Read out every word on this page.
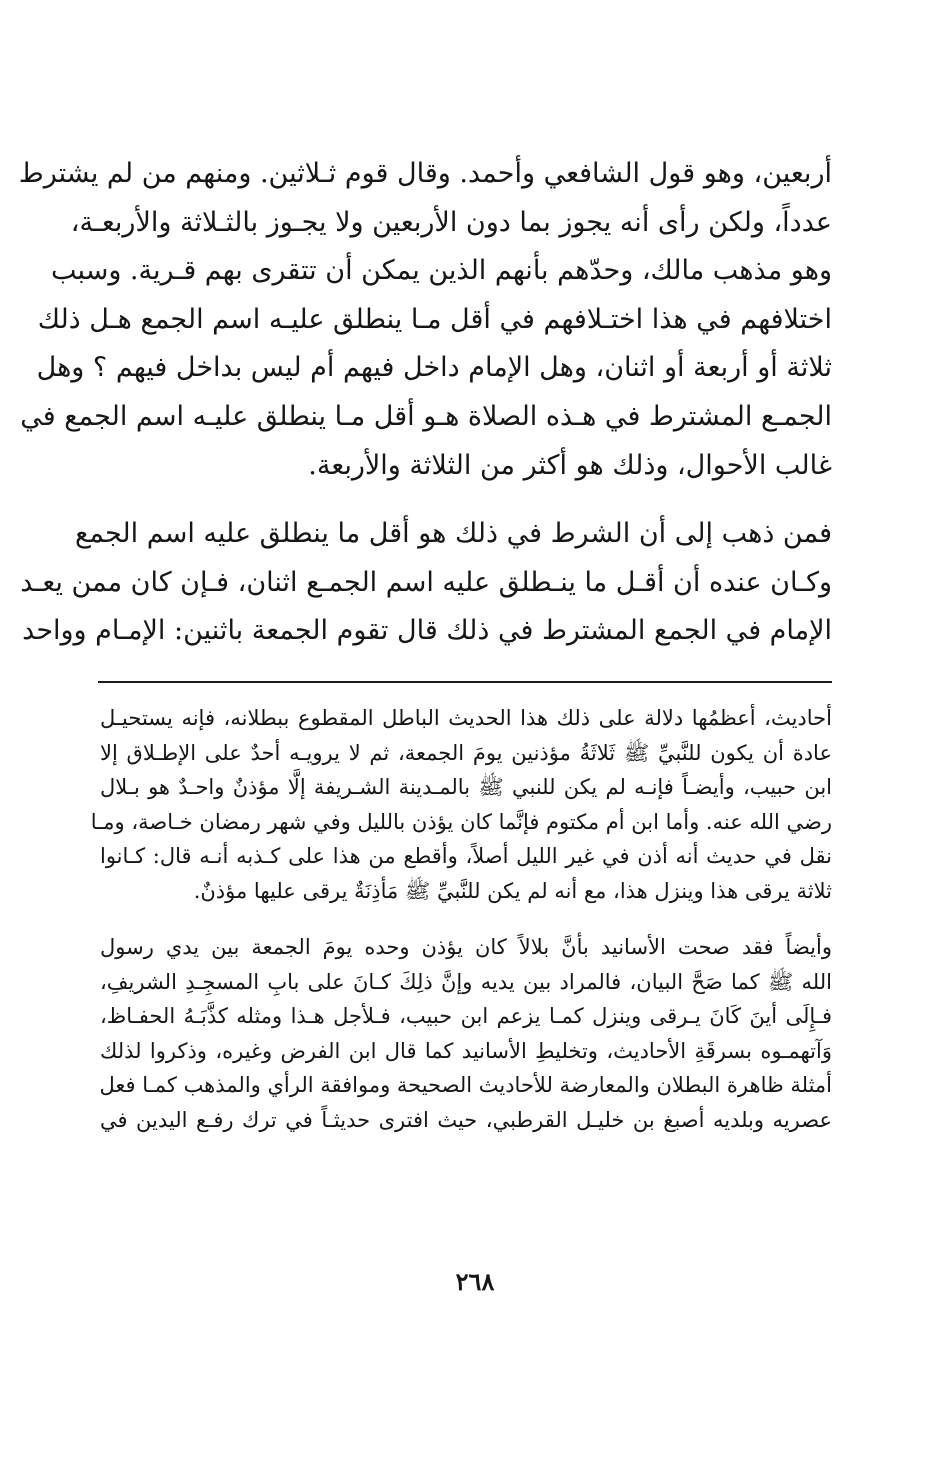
أربعين، وهو قول الشافعي وأحمد. وقال قوم ثـلاثين. ومنهم من لم يشترط
عدداً، ولكن رأى أنه يجوز بما دون الأربعين ولا يجـوز بالثـلاثة والأربعـة،
وهو مذهب مالك، وحدّهم بأنهم الذين يمكن أن تتقرى بهم قـرية. وسبب
اختلافهم في هذا اختـلافهم في أقل مـا ينطلق عليـه اسم الجمع هـل ذلك
ثلاثة أو أربعة أو اثنان، وهل الإمام داخل فيهم أم ليس بداخل فيهم ؟ وهل
الجمـع المشترط في هـذه الصلاة هـو أقل مـا ينطلق عليـه اسم الجمع في
غالب الأحوال، وذلك هو أكثر من الثلاثة والأربعة.

فمن ذهب إلى أن الشرط في ذلك هو أقل ما ينطلق عليه اسم الجمع
وكـان عنده أن أقـل ما ينـطلق عليه اسم الجمـع اثنان، فـإن كان ممن يعـد
الإمام في الجمع المشترط في ذلك قال تقوم الجمعة باثنين: الإمـام وواحد

أحاديث، أعظمُها دلالة على ذلك هذا الحديث الباطل المقطوع ببطلانه، فإنه يستحيـل
عادة أن يكون للنَّبيِّ ﷺ ثَلاثَةُ مؤذنين يومَ الجمعة، ثم لا يرويـه أحدٌ على الإطـلاق إلا
ابن حبيب، وأيضـاً فإنـه لم يكن للنبي ﷺ بالمـدينة الشـريفة إلَّا مؤذنٌ واحـدٌ هو بـلال
رضي الله عنه. وأما ابن أم مكتوم فإنَّما كان يؤذن بالليل وفي شهر رمضان خـاصة، ومـا
نقل في حديث أنه أذن في غير الليل أصلاً، وأقطع من هذا على كـذبه أنـه قال: كـانوا
ثلاثة يرقى هذا وينزل هذا، مع أنه لم يكن للنَّبيِّ ﷺ مَأذِنَةٌ يرقى عليها مؤذنٌ.

وأيضاً فقد صحت الأسانيد بأنَّ بلالاً كان يؤذن وحده يومَ الجمعة بين يدي رسول
الله ﷺ كما صَحَّ البيان، فالمراد بين يديه وإنَّ ذلِكَ كـانَ على بابِ المسجِـدِ الشريفِ،
فـإِلَى أينَ كَانَ يـرقى وينزل كمـا يزعم ابن حبيب، فـلأجل هـذا ومثله كذَّبَـهُ الحفـاظ،
وَآتهمـوه بسرقَةِ الأحاديث، وتخليطِ الأسانيد كما قال ابن الفرض وغيره، وذكروا لذلك
أمثلة ظاهرة البطلان والمعارضة للأحاديث الصحيحة وموافقة الرأي والمذهب كمـا فعل
عصريه وبلديه أصبغ بن خليـل القرطبي، حيث افترى حديثـاً في ترك رفـع اليدين في

٢٦٨
